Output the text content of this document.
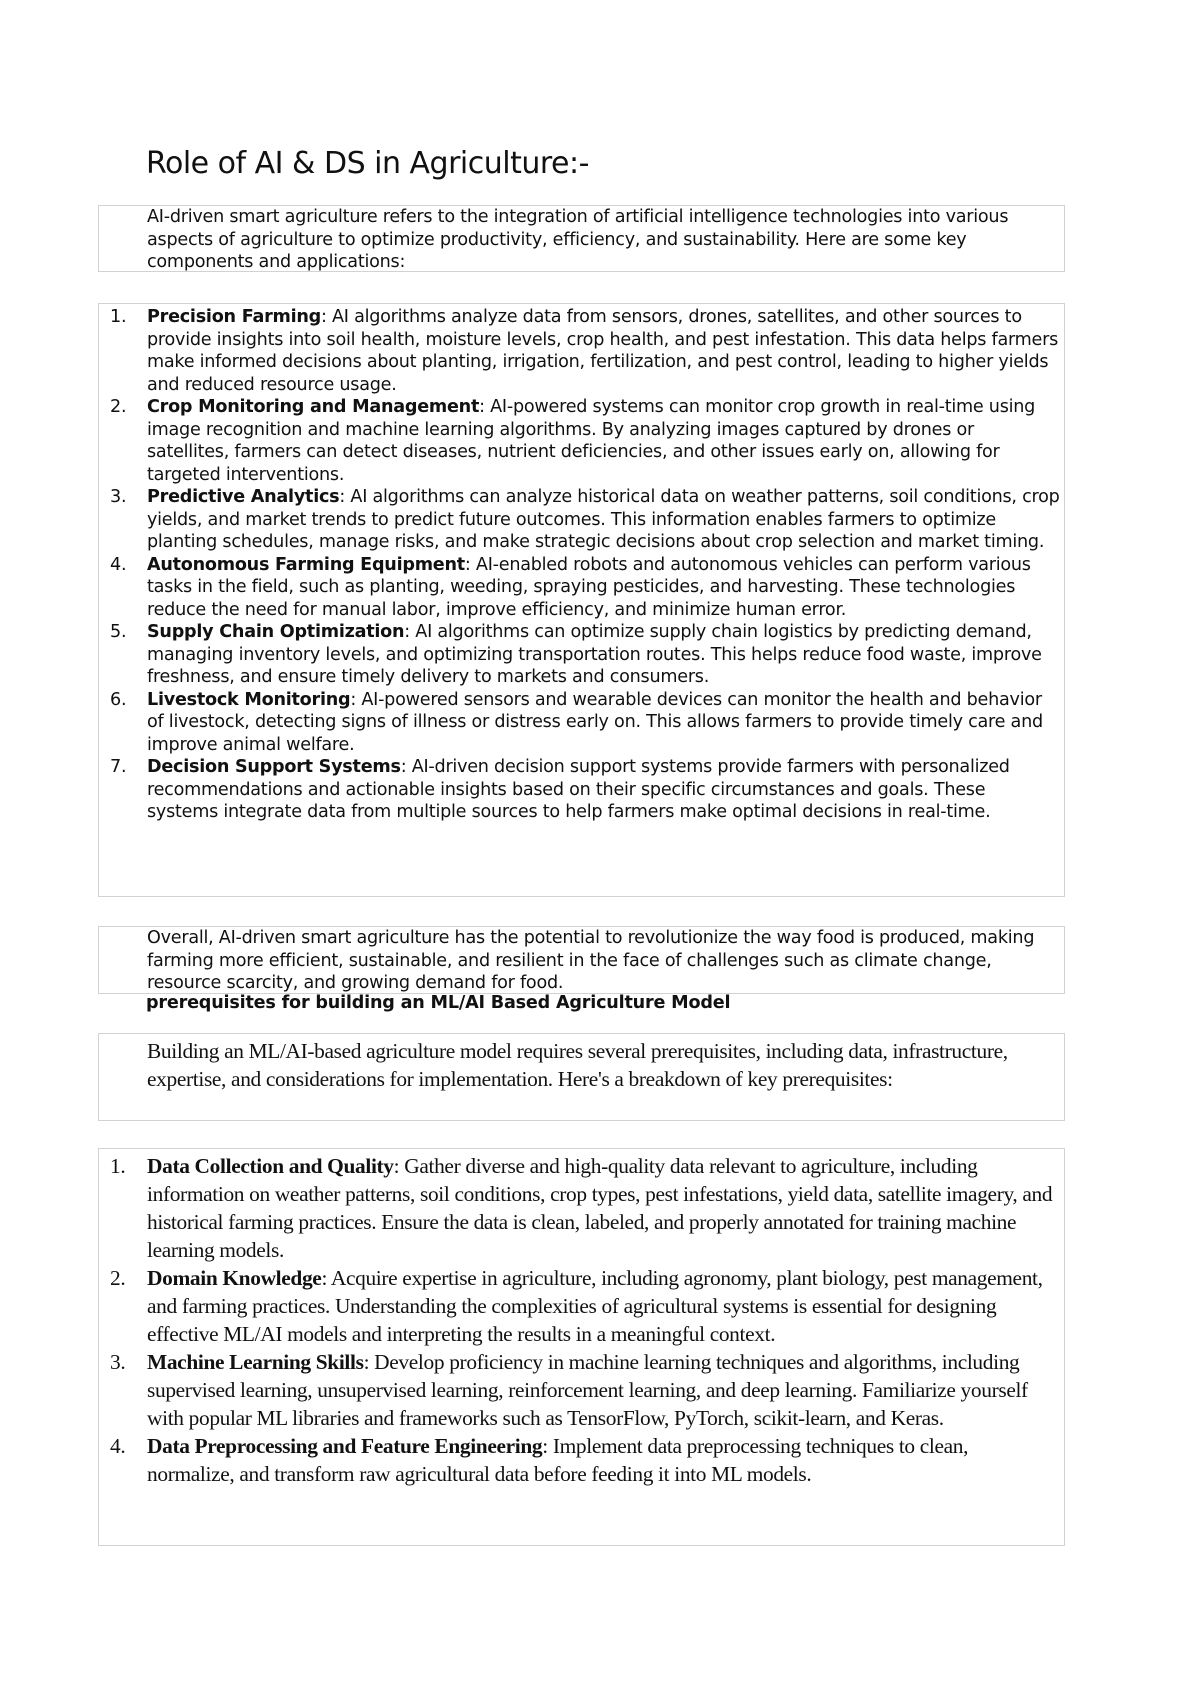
Role of AI & DS in Agriculture:-

AI-driven smart agriculture refers to the integration of artificial intelligence technologies into various aspects of agriculture to optimize productivity, efficiency, and sustainability. Here are some key components and applications:

1. Precision Farming: AI algorithms analyze data from sensors, drones, satellites, and other sources to provide insights into soil health, moisture levels, crop health, and pest infestation. This data helps farmers make informed decisions about planting, irrigation, fertilization, and pest control, leading to higher yields and reduced resource usage.
2. Crop Monitoring and Management: AI-powered systems can monitor crop growth in real-time using image recognition and machine learning algorithms. By analyzing images captured by drones or satellites, farmers can detect diseases, nutrient deficiencies, and other issues early on, allowing for targeted interventions.
3. Predictive Analytics: AI algorithms can analyze historical data on weather patterns, soil conditions, crop yields, and market trends to predict future outcomes. This information enables farmers to optimize planting schedules, manage risks, and make strategic decisions about crop selection and market timing.
4. Autonomous Farming Equipment: AI-enabled robots and autonomous vehicles can perform various tasks in the field, such as planting, weeding, spraying pesticides, and harvesting. These technologies reduce the need for manual labor, improve efficiency, and minimize human error.
5. Supply Chain Optimization: AI algorithms can optimize supply chain logistics by predicting demand, managing inventory levels, and optimizing transportation routes. This helps reduce food waste, improve freshness, and ensure timely delivery to markets and consumers.
6. Livestock Monitoring: AI-powered sensors and wearable devices can monitor the health and behavior of livestock, detecting signs of illness or distress early on. This allows farmers to provide timely care and improve animal welfare.
7. Decision Support Systems: AI-driven decision support systems provide farmers with personalized recommendations and actionable insights based on their specific circumstances and goals. These systems integrate data from multiple sources to help farmers make optimal decisions in real-time.

Overall, AI-driven smart agriculture has the potential to revolutionize the way food is produced, making farming more efficient, sustainable, and resilient in the face of challenges such as climate change, resource scarcity, and growing demand for food.

prerequisites for building an ML/AI Based Agriculture Model

Building an ML/AI-based agriculture model requires several prerequisites, including data, infrastructure, expertise, and considerations for implementation. Here's a breakdown of key prerequisites:

1. Data Collection and Quality: Gather diverse and high-quality data relevant to agriculture, including information on weather patterns, soil conditions, crop types, pest infestations, yield data, satellite imagery, and historical farming practices. Ensure the data is clean, labeled, and properly annotated for training machine learning models.
2. Domain Knowledge: Acquire expertise in agriculture, including agronomy, plant biology, pest management, and farming practices. Understanding the complexities of agricultural systems is essential for designing effective ML/AI models and interpreting the results in a meaningful context.
3. Machine Learning Skills: Develop proficiency in machine learning techniques and algorithms, including supervised learning, unsupervised learning, reinforcement learning, and deep learning. Familiarize yourself with popular ML libraries and frameworks such as TensorFlow, PyTorch, scikit-learn, and Keras.
4. Data Preprocessing and Feature Engineering: Implement data preprocessing techniques to clean, normalize, and transform raw agricultural data before feeding it into ML models.
